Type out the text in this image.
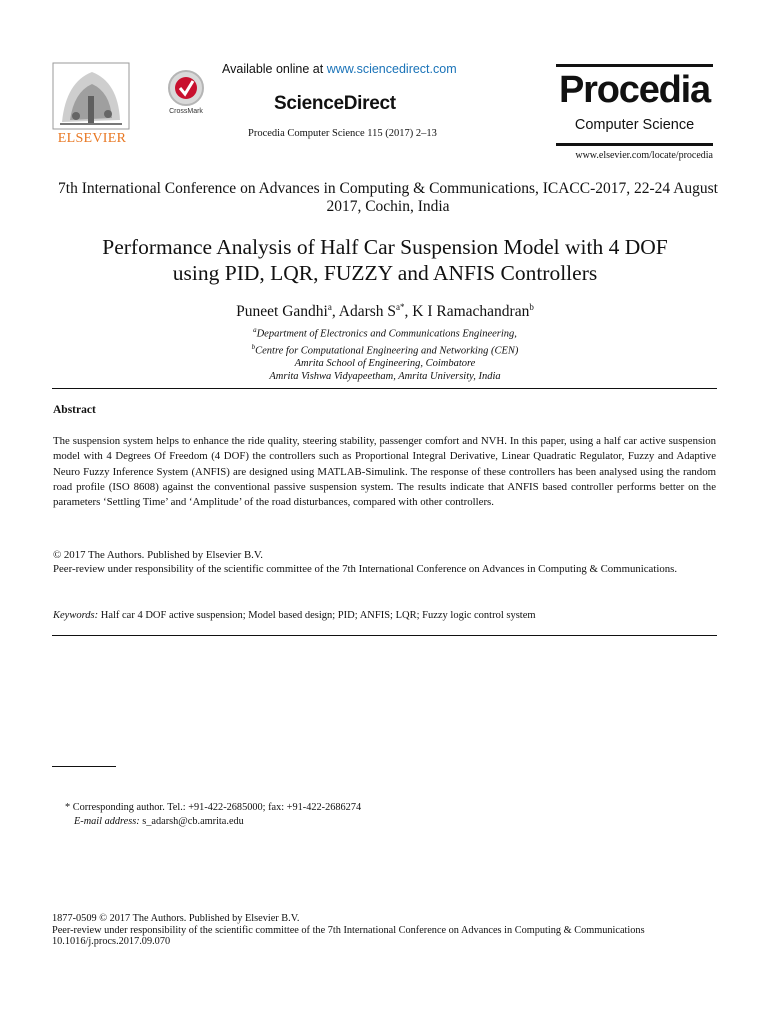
ELSEVIER
CrossMark
Available online at www.sciencedirect.com
ScienceDirect
Procedia Computer Science 115 (2017) 2–13
Procedia
Computer Science
www.elsevier.com/locate/procedia
7th International Conference on Advances in Computing & Communications, ICACC-2017, 22-24 August 2017, Cochin, India
Performance Analysis of Half Car Suspension Model with 4 DOF
using PID, LQR, FUZZY and ANFIS Controllers
Puneet Gandhi$^a$, Adarsh $S^{a*}$, K I Ramachandran$^b$
$^a$Department of Electronics and Communications Engineering,
$^b$Centre for Computational Engineering and Networking (CEN)
Amrita School of Engineering, Coimbatore
Amrita Vishwa Vidyapeetham, Amrita University, India
Abstract
The suspension system helps to enhance the ride quality, steering stability, passenger comfort and NVH. In this paper, using a half car active suspension model with 4 Degrees Of Freedom (4 DOF) the controllers such as Proportional Integral Derivative, Linear Quadratic Regulator, Fuzzy and Adaptive Neuro Fuzzy Inference System (ANFIS) are designed using MATLAB-Simulink. The response of these controllers has been analysed using the random road profile (ISO 8608) against the conventional passive suspension system. The results indicate that ANFIS based controller performs better on the parameters ‘Settling Time’ and ‘Amplitude’ of the road disturbances, compared with other controllers.
© 2017 The Authors. Published by Elsevier B.V.
Peer-review under responsibility of the scientific committee of the 7th International Conference on Advances in Computing & Communications.
Keywords: Half car 4 DOF active suspension; Model based design; PID; ANFIS; LQR; Fuzzy logic control system
* Corresponding author. Tel.: +91-422-2685000; fax: +91-422-2686274
E-mail address: s_adarsh@cb.amrita.edu
1877-0509 © 2017 The Authors. Published by Elsevier B.V.
Peer-review under responsibility of the scientific committee of the 7th International Conference on Advances in Computing & Communications
10.1016/j.procs.2017.09.070
